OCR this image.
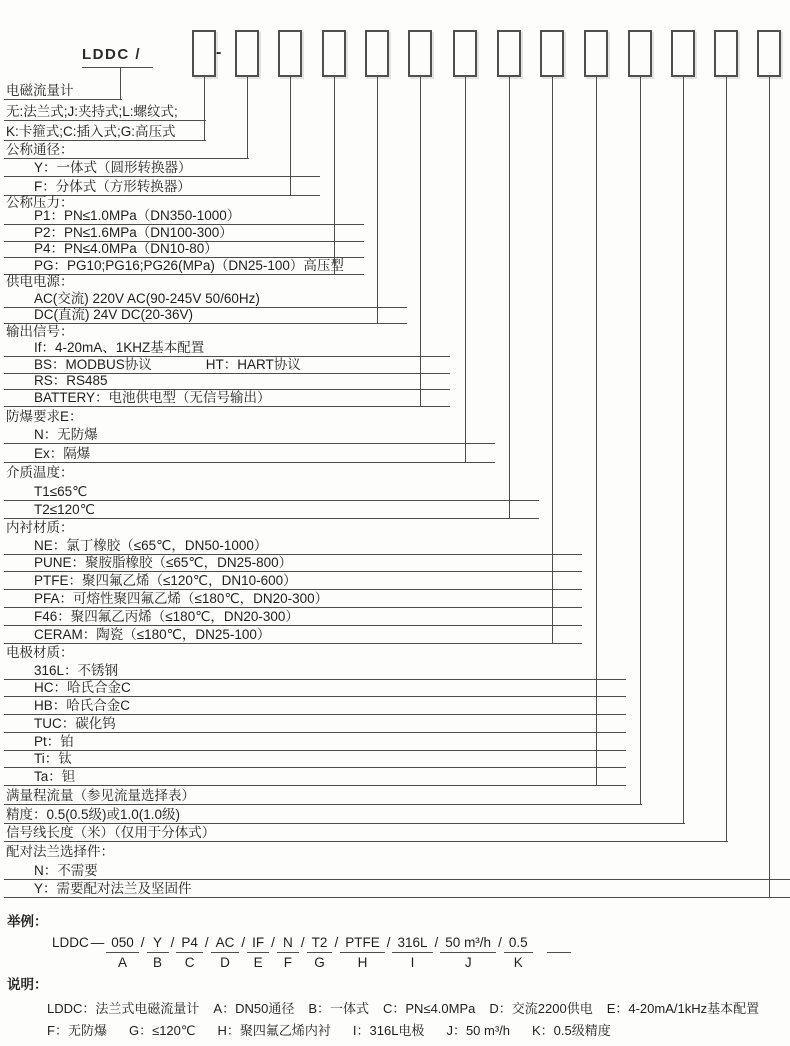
LDDC /	-
电磁流量计
无:法兰式;J:夹持式;L:螺纹式;
K:卡箍式;C:插入式;G:高压式
公称通径：
Y：一体式（圆形转换器）
F：分体式（方形转换器）
公称压力：
P1：PN≤1.0MPa（DN350-1000）
P2：PN≤1.6MPa（DN100-300）
P4：PN≤4.0MPa（DN10-80）
PG：PG10;PG16;PG26(MPa)（DN25-100）高压型
供电电源：
AC(交流) 220V AC(90-245V 50/60Hz)
DC(直流) 24V DC(20-36V)
输出信号：
If：4-20mA、1KHZ基本配置
BS：MODBUS协议　　　　HT：HART协议
RS：RS485
BATTERY：电池供电型（无信号输出）
防爆要求E：
N：无防爆
Ex：隔爆
介质温度：
T1≤65℃
T2≤120℃
内衬材质：
NE：氯丁橡胶（≤65℃，DN50-1000）
PUNE：聚胺脂橡胶（≤65℃，DN25-800）
PTFE：聚四氟乙烯（≤120℃，DN10-600）
PFA：可熔性聚四氟乙烯（≤180℃，DN20-300）
F46：聚四氟乙丙烯（≤180℃，DN20-300）
CERAM：陶瓷（≤180℃，DN25-100）
电极材质：
316L：不锈钢
HC：哈氏合金C
HB：哈氏合金C
TUC：碳化钨
Pt：铂
Ti：钛
Ta：钽
满量程流量（参见流量选择表）
精度：0.5(0.5级)或1.0(1.0级)
信号线长度（米）（仅用于分体式）
配对法兰选择件：
N：不需要
Y：需要配对法兰及坚固件
举例：
LDDC — 050
A
/ Y
B
/ P4
C
/ AC
D
/ IF
E
/ N
F
/ T2
G
/ PTFE
H
/ 316L
I
/ 50 m³/h
J
/ 0.5
K
说明：
LDDC：法兰式电磁流量计 A：DN50通径 B：一体式 C：PN≤4.0MPa D：交流2200供电 E：4-20mA/1kHz基本配置
F：无防爆 G：≤120℃ H：聚四氟乙烯内衬 I：316L电极 J：50 m³/h K：0.5级精度
